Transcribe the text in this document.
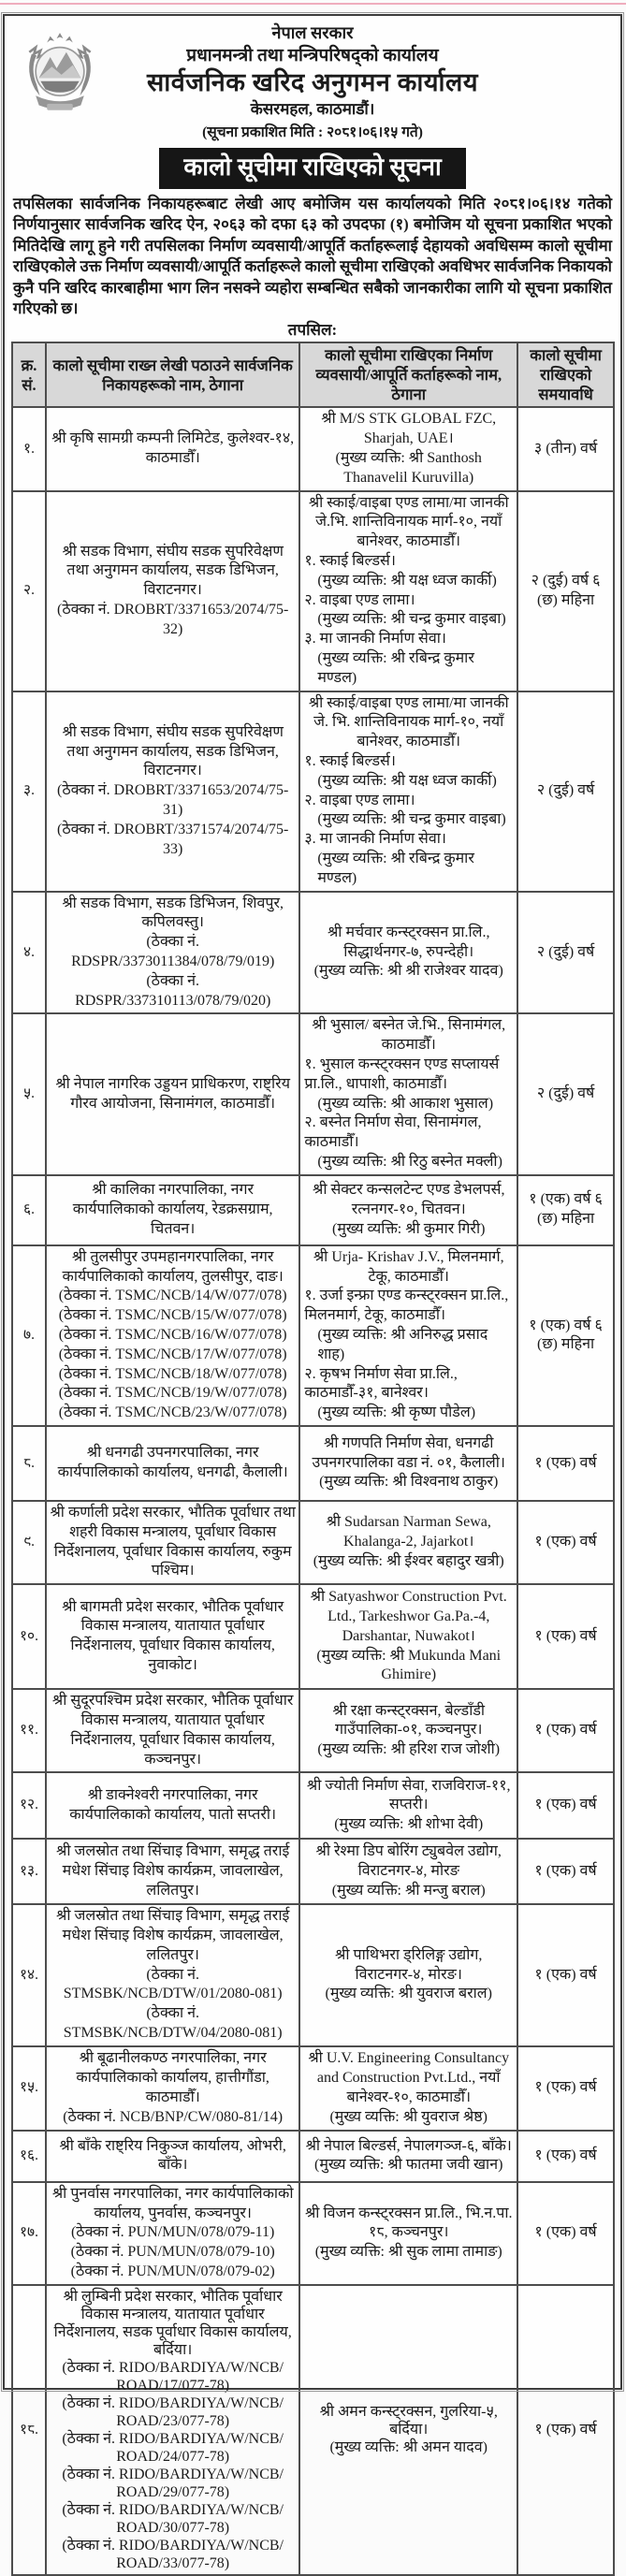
नेपाल सरकार
प्रधानमन्त्री तथा मन्त्रिपरिषद्को कार्यालय
सार्वजनिक खरिद अनुगमन कार्यालय
केसरमहल, काठमाडौं।
(सूचना प्रकाशित मिति : २०८१।०६।१५ गते)
कालो सूचीमा राखिएको सूचना

तपसिलका सार्वजनिक निकायहरूबाट लेखी आए बमोजिम यस कार्यालयको मिति २०८१।०६।१४ गतेको निर्णयानुसार सार्वजनिक खरिद ऐन, २०६३ को दफा ६३ को उपदफा (१) बमोजिम यो सूचना प्रकाशित भएको मितिदेखि लागू हुने गरी तपसिलका निर्माण व्यवसायी/आपूर्ति कर्ताहरूलाई देहायको अवधिसम्म कालो सूचीमा राखिएकोले उक्त निर्माण व्यवसायी/आपूर्ति कर्ताहरूले कालो सूचीमा राखिएको अवधिभर सार्वजनिक निकायको कुनै पनि खरिद कारबाहीमा भाग लिन नसक्ने व्यहोरा सम्बन्धित सबैको जानकारीका लागि यो सूचना प्रकाशित गरिएको छ।

तपसिल:
क्र. सं.	कालो सूचीमा राख्न लेखी पठाउने सार्वजनिक निकायहरूको नाम, ठेगाना	कालो सूचीमा राखिएका निर्माण व्यवसायी/आपूर्ति कर्ताहरूको नाम, ठेगाना	कालो सूचीमा राखिएको समयावधि
१.	श्री कृषि सामग्री कम्पनी लिमिटेड, कुलेश्वर-१४, काठमाडौँ।	श्री M/S STK GLOBAL FZC, Sharjah, UAE।
(मुख्य व्यक्ति: श्री Santhosh Thanavelil Kuruvilla)	३ (तीन) वर्ष
२.	
श्री सडक विभाग, संघीय सडक सुपरिवेक्षण तथा अनुगमन कार्यालय, सडक डिभिजन, विराटनगर।
(ठेक्का नं. DROBRT/3371653/2074/75-32)

श्री स्काई/वाइबा एण्ड लामा/मा जानकी जे.भि. शान्तिविनायक मार्ग-१०, नयाँ बानेश्वर, काठमाडौँ।
१. स्काई बिल्डर्स।
(मुख्य व्यक्ति: श्री यक्ष ध्वज कार्की)
२. वाइबा एण्ड लामा।
(मुख्य व्यक्ति: श्री चन्द्र कुमार वाइबा)
३. मा जानकी निर्माण सेवा।
(मुख्य व्यक्ति: श्री रबिन्द्र कुमार मण्डल)
	२ (दुई) वर्ष ६ (छ) महिना
३.	
श्री सडक विभाग, संघीय सडक सुपरिवेक्षण तथा अनुगमन कार्यालय, सडक डिभिजन, विराटनगर।
(ठेक्का नं. DROBRT/3371653/2074/75-31)
(ठेक्का नं. DROBRT/3371574/2074/75-33)

श्री स्काई/वाइबा एण्ड लामा/मा जानकी जे. भि. शान्तिविनायक मार्ग-१०, नयाँ बानेश्वर, काठमाडौँ।
१. स्काई बिल्डर्स।
(मुख्य व्यक्ति: श्री यक्ष ध्वज कार्की)
२. वाइबा एण्ड लामा।
(मुख्य व्यक्ति: श्री चन्द्र कुमार वाइबा)
३. मा जानकी निर्माण सेवा।
(मुख्य व्यक्ति: श्री रबिन्द्र कुमार मण्डल)
	२ (दुई) वर्ष
४.	
श्री सडक विभाग, सडक डिभिजन, शिवपुर, कपिलवस्तु।
(ठेक्का नं. RDSPR/3373011384/078/79/019)
(ठेक्का नं. RDSPR/337310113/078/79/020)

श्री मर्चवार कन्स्ट्रक्सन प्रा.लि., सिद्धार्थनगर-७, रुपन्देही।
(मुख्य व्यक्ति: श्री श्री राजेश्वर यादव)
	२ (दुई) वर्ष
५.	श्री नेपाल नागरिक उड्डयन प्राधिकरण, राष्ट्रिय गौरव आयोजना, सिनामंगल, काठमाडौँ।	श्री भुसाल/ बस्नेत जे.भि., सिनामंगल, काठमाडौँ।
१. भुसाल कन्स्ट्रक्सन एण्ड सप्लायर्स प्रा.लि., धापाशी, काठमाडौँ।
(मुख्य व्यक्ति: श्री आकाश भुसाल)
२. बस्नेत निर्माण सेवा, सिनामंगल, काठमाडौँ।
(मुख्य व्यक्ति: श्री रिठु बस्नेत मक्ली)	२ (दुई) वर्ष
६.	श्री कालिका नगरपालिका, नगर कार्यपालिकाको कार्यालय, रेडक्रसग्राम, चितवन।	श्री सेक्टर कन्सलटेन्ट एण्ड डेभलपर्स, रत्ननगर-१०, चितवन।
(मुख्य व्यक्ति: श्री कुमार गिरी)	१ (एक) वर्ष ६ (छ) महिना
७.	
श्री तुलसीपुर उपमहानगरपालिका, नगर कार्यपालिकाको कार्यालय, तुलसीपुर, दाङ।
(ठेक्का नं. TSMC/NCB/14/W/077/078)
(ठेक्का नं. TSMC/NCB/15/W/077/078)
(ठेक्का नं. TSMC/NCB/16/W/077/078)
(ठेक्का नं. TSMC/NCB/17/W/077/078)
(ठेक्का नं. TSMC/NCB/18/W/077/078)
(ठेक्का नं. TSMC/NCB/19/W/077/078)
(ठेक्का नं. TSMC/NCB/23/W/077/078)

श्री Urja- Krishav J.V., मिलनमार्ग, टेकू, काठमाडौँ।
१. उर्जा इन्फ्रा एण्ड कन्स्ट्रक्सन प्रा.लि., मिलनमार्ग, टेकू, काठमाडौँ।
(मुख्य व्यक्ति: श्री अनिरुद्ध प्रसाद शाह)
२. कृषभ निर्माण सेवा प्रा.लि., काठमाडौँ-३१, बानेश्वर।
(मुख्य व्यक्ति: श्री कृष्ण पौडेल)
	१ (एक) वर्ष ६ (छ) महिना
८.	श्री धनगढी उपनगरपालिका, नगर कार्यपालिकाको कार्यालय, धनगढी, कैलाली।	श्री गणपति निर्माण सेवा, धनगढी उपनगरपालिका वडा नं. ०१, कैलाली।
(मुख्य व्यक्ति: श्री विश्वनाथ ठाकुर)	१ (एक) वर्ष
९.	श्री कर्णाली प्रदेश सरकार, भौतिक पूर्वाधार तथा शहरी विकास मन्त्रालय, पूर्वाधार विकास निर्देशनालय, पूर्वाधार विकास कार्यालय, रुकुम पश्चिम।	श्री Sudarsan Narman Sewa, Khalanga-2, Jajarkot।
(मुख्य व्यक्ति: श्री ईश्वर बहादुर खत्री)	१ (एक) वर्ष
१०.	श्री बागमती प्रदेश सरकार, भौतिक पूर्वाधार विकास मन्त्रालय, यातायात पूर्वाधार निर्देशनालय, पूर्वाधार विकास कार्यालय, नुवाकोट।	श्री Satyashwor Construction Pvt. Ltd., Tarkeshwor Ga.Pa.-4, Darshantar, Nuwakot।
(मुख्य व्यक्ति: श्री Mukunda Mani Ghimire)	१ (एक) वर्ष
११.	श्री सुदूरपश्चिम प्रदेश सरकार, भौतिक पूर्वाधार विकास मन्त्रालय, यातायात पूर्वाधार निर्देशनालय, पूर्वाधार विकास कार्यालय, कञ्चनपुर।	श्री रक्षा कन्स्ट्रक्सन, बेल्डाँडी गाउँपालिका-०१, कञ्चनपुर।
(मुख्य व्यक्ति: श्री हरिश राज जोशी)	१ (एक) वर्ष
१२.	श्री डाक्नेश्वरी नगरपालिका, नगर कार्यपालिकाको कार्यालय, पातो सप्तरी।	श्री ज्योती निर्माण सेवा, राजविराज-११, सप्तरी।
(मुख्य व्यक्ति: श्री शोभा देवी)	१ (एक) वर्ष
१३.	श्री जलस्रोत तथा सिंचाइ विभाग, समृद्ध तराई मधेश सिंचाइ विशेष कार्यक्रम, जावलाखेल, ललितपुर।	श्री रेश्मा डिप बोरिंग ट्युबवेल उद्योग, विराटनगर-४, मोरङ
(मुख्य व्यक्ति: श्री मन्जु बराल)	१ (एक) वर्ष
१४.	
श्री जलस्रोत तथा सिंचाइ विभाग, समृद्ध तराई मधेश सिंचाइ विशेष कार्यक्रम, जावलाखेल, ललितपुर।
(ठेक्का नं. STMSBK/NCB/DTW/01/2080-081)
(ठेक्का नं. STMSBK/NCB/DTW/04/2080-081)

श्री पाथिभरा ड्रिलिङ्ग उद्योग, विराटनगर-४, मोरङ।
(मुख्य व्यक्ति: श्री युवराज बराल)
	१ (एक) वर्ष
१५.	
श्री बूढानीलकण्ठ नगरपालिका, नगर कार्यपालिकाको कार्यालय, हात्तीगौंडा, काठमाडौँ।
(ठेक्का नं. NCB/BNP/CW/080-81/14)

श्री U.V. Engineering Consultancy and Construction Pvt.Ltd., नयाँ बानेश्वर-१०, काठमाडौँ।
(मुख्य व्यक्ति: श्री युवराज श्रेष्ठ)
	१ (एक) वर्ष
१६.	श्री बाँके राष्ट्रिय निकुञ्ज कार्यालय, ओभरी, बाँके।	श्री नेपाल बिल्डर्स, नेपालगञ्ज-६, बाँके।
(मुख्य व्यक्ति: श्री फातमा जवी खान)	१ (एक) वर्ष
१७.	
श्री पुनर्वास नगरपालिका, नगर कार्यपालिकाको कार्यालय, पुनर्वास, कञ्चनपुर।
(ठेक्का नं. PUN/MUN/078/079-11)
(ठेक्का नं. PUN/MUN/078/079-10)
(ठेक्का नं. PUN/MUN/078/079-02)

श्री विजन कन्स्ट्रक्सन प्रा.लि., भि.न.पा. १८, कञ्चनपुर।
(मुख्य व्यक्ति: श्री सुक लामा तामाङ)
	१ (एक) वर्ष
१८.	
श्री लुम्बिनी प्रदेश सरकार, भौतिक पूर्वाधार विकास मन्त्रालय, यातायात पूर्वाधार निर्देशनालय, सडक पूर्वाधार विकास कार्यालय, बर्दिया।
(ठेक्का नं. RIDO/BARDIYA/W/NCB/ ROAD/17/077-78)
(ठेक्का नं. RIDO/BARDIYA/W/NCB/ ROAD/23/077-78)
(ठेक्का नं. RIDO/BARDIYA/W/NCB/ ROAD/24/077-78)
(ठेक्का नं. RIDO/BARDIYA/W/NCB/ ROAD/29/077-78)
(ठेक्का नं. RIDO/BARDIYA/W/NCB/ ROAD/30/077-78)
(ठेक्का नं. RIDO/BARDIYA/W/NCB/ ROAD/33/077-78)

श्री अमन कन्स्ट्रक्सन, गुलरिया-५, बर्दिया।
(मुख्य व्यक्ति: श्री अमन यादव)
	१ (एक) वर्ष
